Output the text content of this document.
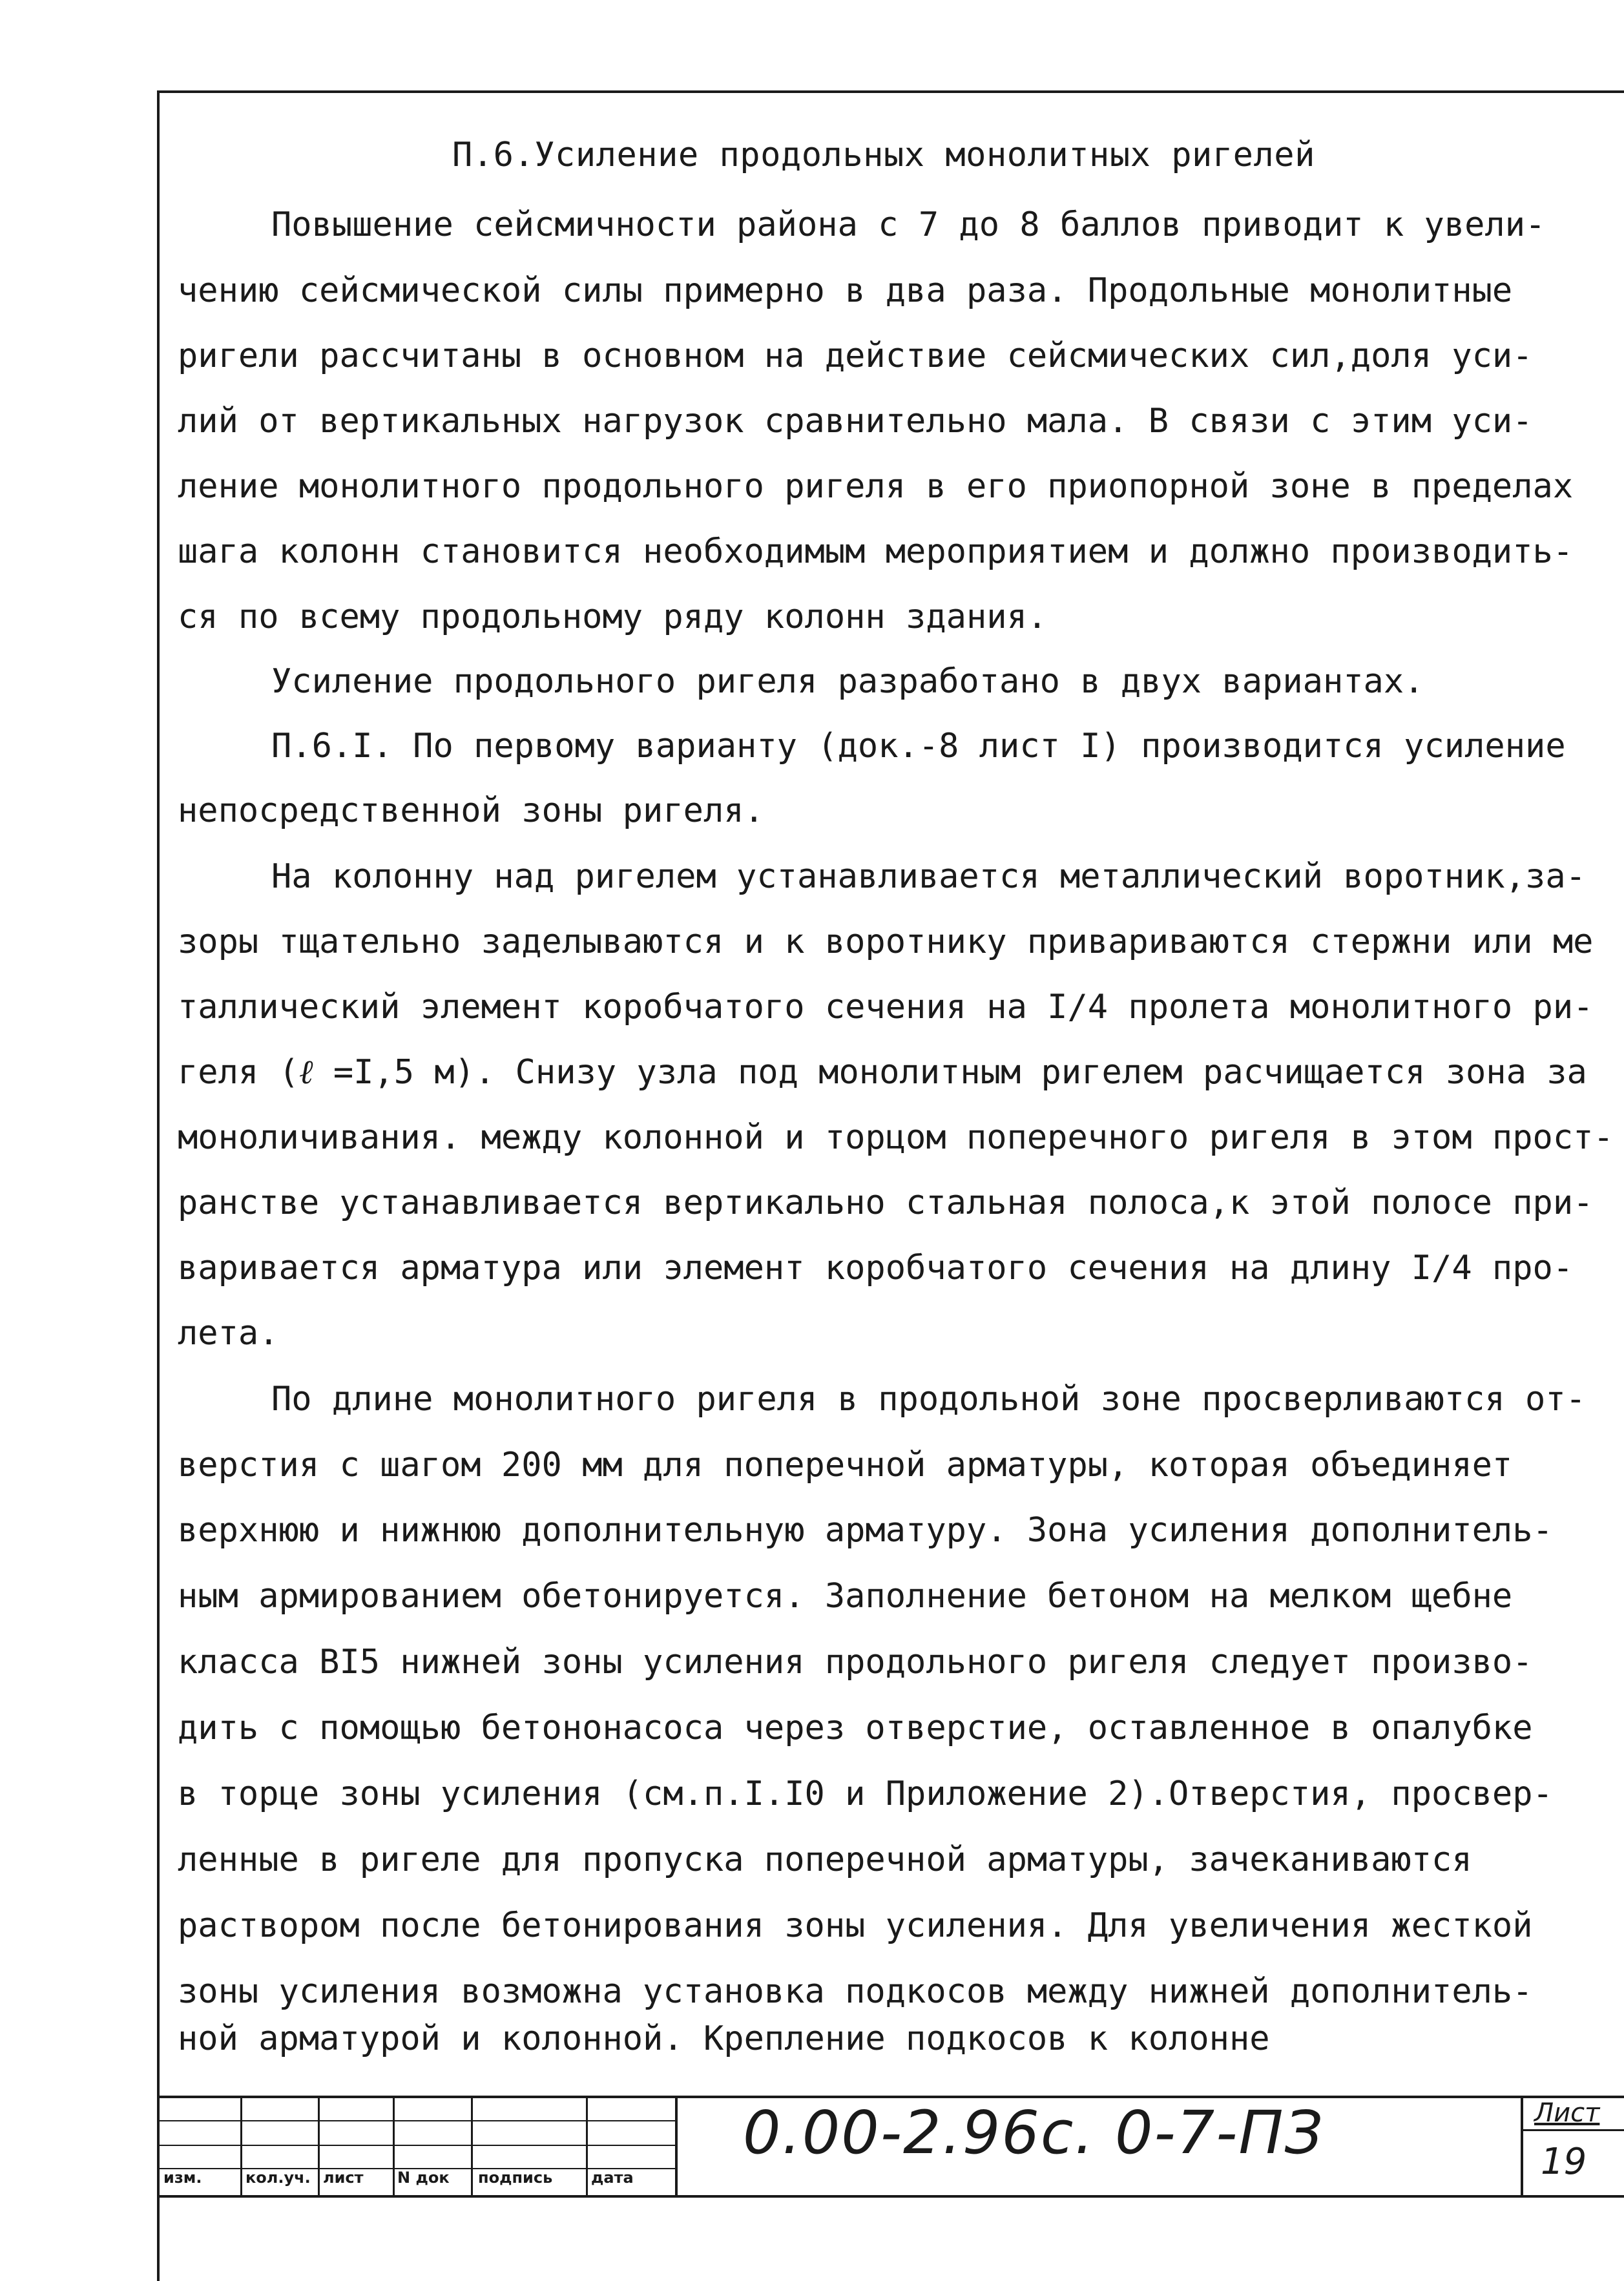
П.6.Усиление продольных монолитных ригелей
Повышение сейсмичности района с 7 до 8 баллов приводит к увели-
чению сейсмической силы примерно в два раза. Продольные монолитные
ригели рассчитаны в основном на действие сейсмических сил,доля уси-
лий от вертикальных нагрузок сравнительно мала. В связи с этим уси-
ление монолитного продольного ригеля в его приопорной зоне в пределах
шага колонн становится необходимым мероприятием и должно производить-
ся по всему продольному ряду колонн здания.
Усиление продольного ригеля разработано в двух вариантах.
П.6.I. По первому варианту (док.-8 лист I) производится усиление
непосредственной зоны ригеля.
На колонну над ригелем устанавливается металлический воротник,за-
зоры тщательно заделываются и к воротнику привариваются стержни или ме
таллический элемент коробчатого сечения на I/4 пролета монолитного ри-
геля (ℓ =I,5 м). Снизу узла под монолитным ригелем расчищается зона за
моноличивания. между колонной и торцом поперечного ригеля в этом прост-
ранстве устанавливается вертикально стальная полоса,к этой полосе при-
варивается арматура или элемент коробчатого сечения на длину I/4 про-
лета.
По длине монолитного ригеля в продольной зоне просверливаются от-
верстия с шагом 200 мм для поперечной арматуры, которая объединяет
верхнюю и нижнюю дополнительную арматуру. Зона усиления дополнитель-
ным армированием обетонируется. Заполнение бетоном на мелком щебне
класса BI5 нижней зоны усиления продольного ригеля следует произво-
дить с помощью бетононасоса через отверстие, оставленное в опалубке
в торце зоны усиления (см.п.I.I0 и Приложение 2).Отверстия, просвер-
ленные в ригеле для пропуска поперечной арматуры, зачеканиваются
раствором после бетонирования зоны усиления. Для увеличения жесткой
зоны усиления возможна установка подкосов между нижней дополнитель-
ной арматурой и колонной. Крепление подкосов к колонне
изм.	кол.уч. лист N док подпись дата
0.00-2.96с. 0-7-ПЗ	Лист
19
